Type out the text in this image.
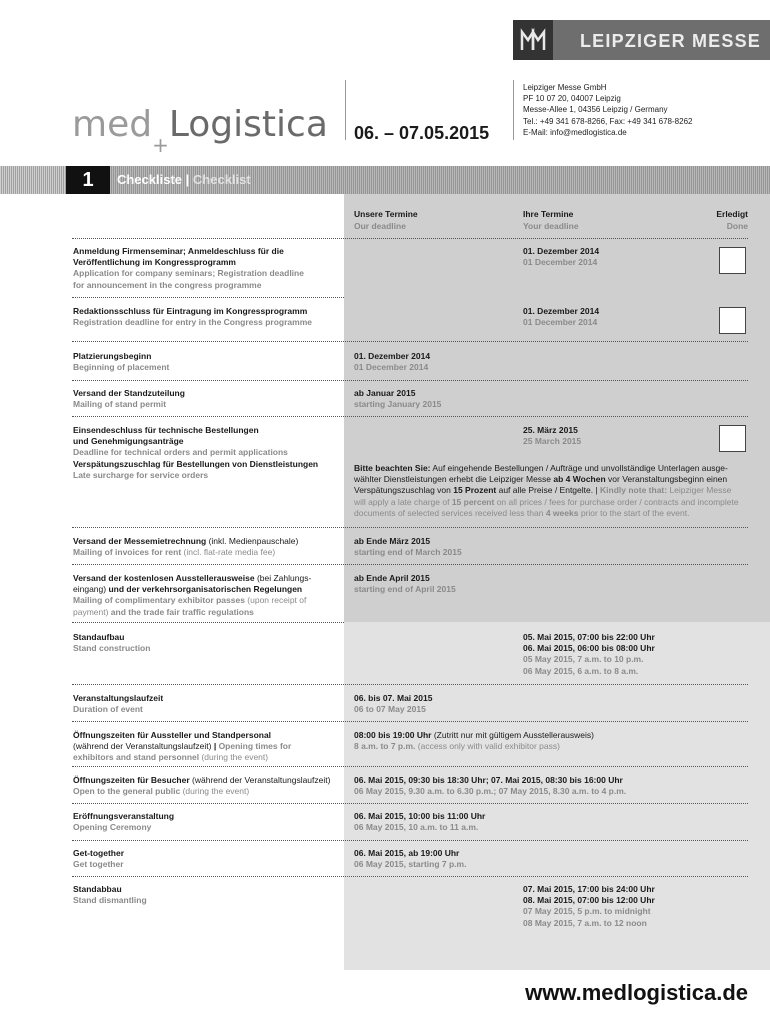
LEIPZIGER MESSE
med$_+$Logistica 06. – 07.05.2015
Leipziger Messe GmbH
PF 10 07 20, 04007 Leipzig
Messe-Allee 1, 04356 Leipzig / Germany
Tel.: +49 341 678-8266, Fax: +49 341 678-8262
E-Mail: info@medlogistica.de
1	Checkliste | Checklist
Unsere Termine
Our deadline
Ihre Termine
Your deadline
Erledigt
Done
Anmeldung Firmenseminar; Anmeldeschluss für die
Veröffentlichung im Kongressprogramm
Application for company seminars; Registration deadline
for announcement in the congress programme
01. Dezember 2014
01 December 2014
Redaktionsschluss für Eintragung im Kongressprogramm
Registration deadline for entry in the Congress programme
01. Dezember 2014
01 December 2014
Platzierungsbeginn
Beginning of placement
01. Dezember 2014
01 December 2014
Versand der Standzuteilung
Mailing of stand permit
ab Januar 2015
starting January 2015
Einsendeschluss für technische Bestellungen
und Genehmigungsanträge
Deadline for technical orders and permit applications
Verspätungszuschlag für Bestellungen von Dienstleistungen
Late surcharge for service orders
25. März 2015
25 March 2015
Bitte beachten Sie: Auf eingehende Bestellungen / Aufträge und unvollständige Unterlagen ausge-
wählter Dienstleistungen erhebt die Leipziger Messe ab 4 Wochen vor Veranstaltungsbeginn einen
Verspätungszuschlag von 15 Prozent auf alle Preise / Entgelte. | Kindly note that: Leipziger Messe
will apply a late charge of 15 percent on all prices / fees for purchase order / contracts and incomplete
documents of selected services received less than 4 weeks prior to the start of the event.
Versand der Messemietrechnung (inkl. Medienpauschale)
Mailing of invoices for rent (incl. flat-rate media fee)
ab Ende März 2015
starting end of March 2015
Versand der kostenlosen Ausstellerausweise (bei Zahlungs-
eingang) und der verkehrsorganisatorischen Regelungen
Mailing of complimentary exhibitor passes (upon receipt of
payment) and the trade fair traffic regulations
ab Ende April 2015
starting end of April 2015
Standaufbau
Stand construction
05. Mai 2015, 07:00 bis 22:00 Uhr
06. Mai 2015, 06:00 bis 08:00 Uhr
05 May 2015, 7 a.m. to 10 p.m.
06 May 2015, 6 a.m. to 8 a.m.
Veranstaltungslaufzeit
Duration of event
06. bis 07. Mai 2015
06 to 07 May 2015
Öffnungszeiten für Aussteller und Standpersonal
(während der Veranstaltungslaufzeit) | Opening times for
exhibitors and stand personnel (during the event)
08:00 bis 19:00 Uhr (Zutritt nur mit gültigem Ausstellerausweis)
8 a.m. to 7 p.m. (access only with valid exhibitor pass)
Öffnungszeiten für Besucher (während der Veranstaltungslaufzeit)
Open to the general public (during the event)
06. Mai 2015, 09:30 bis 18:30 Uhr; 07. Mai 2015, 08:30 bis 16:00 Uhr
06 May 2015, 9.30 a.m. to 6.30 p.m.; 07 May 2015, 8.30 a.m. to 4 p.m.
Eröffnungsveranstaltung
Opening Ceremony
06. Mai 2015, 10:00 bis 11:00 Uhr
06 May 2015, 10 a.m. to 11 a.m.
Get-together
Get together
06. Mai 2015, ab 19:00 Uhr
06 May 2015, starting 7 p.m.
Standabbau
Stand dismantling
07. Mai 2015, 17:00 bis 24:00 Uhr
08. Mai 2015, 07:00 bis 12:00 Uhr
07 May 2015, 5 p.m. to midnight
08 May 2015, 7 a.m. to 12 noon
www.medlogistica.de
